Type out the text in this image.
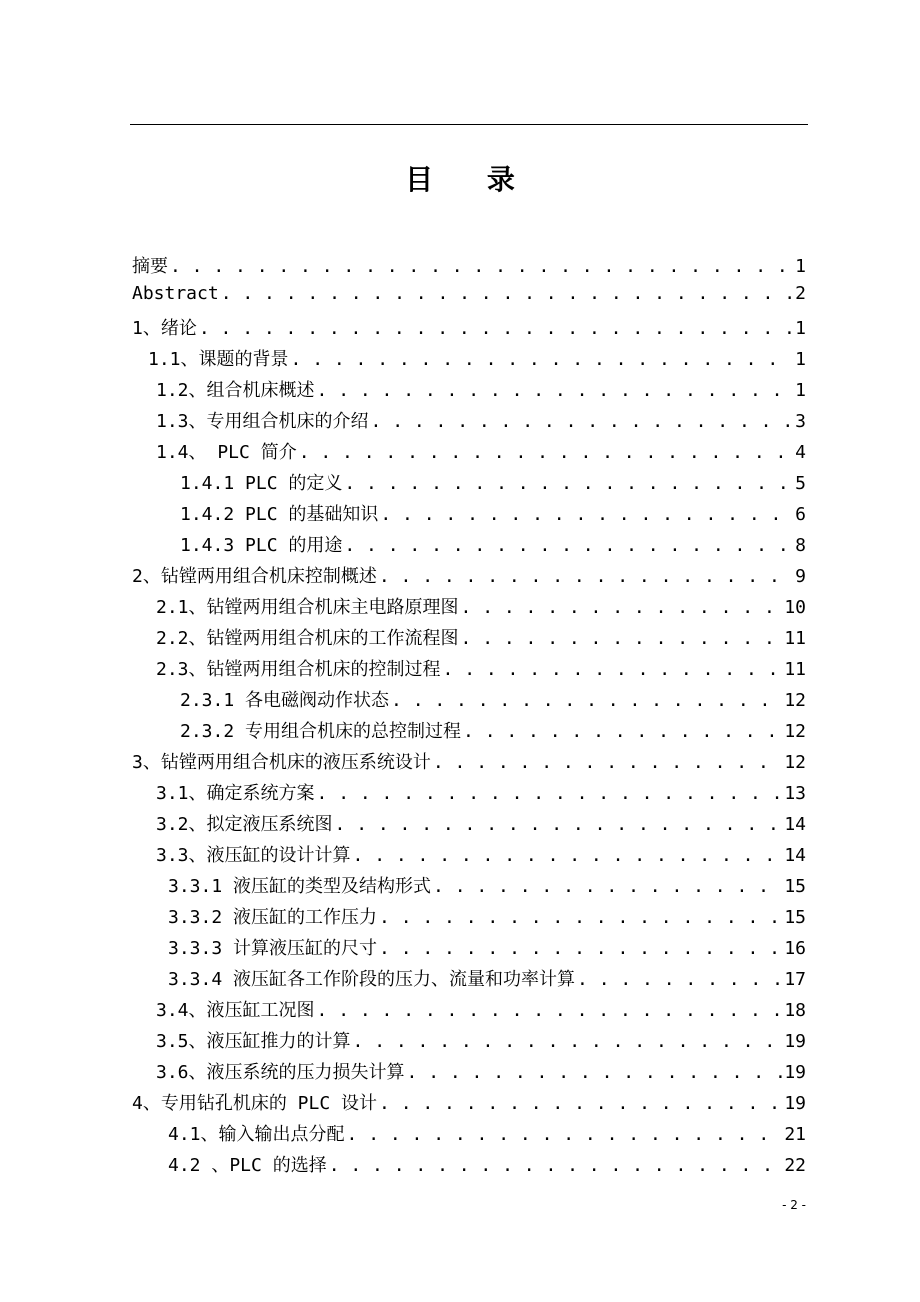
目 录
摘要 . . .	1
Abstract . . .	2
1、绪论 . . .	1
1.1、课题的背景 . . .	1
1.2、组合机床概述 . . .	1
1.3、专用组合机床的介绍 . . .	3
1.4、 PLC 简介 . . .	4
1.4.1 PLC 的定义 . . .	5
1.4.2 PLC 的基础知识 . . .	6
1.4.3 PLC 的用途 . . .	8
2、钻镗两用组合机床控制概述 . . .	9
2.1、钻镗两用组合机床主电路原理图 . . .	10
2.2、钻镗两用组合机床的工作流程图 . . .	11
2.3、钻镗两用组合机床的控制过程 . . .	11
2.3.1 各电磁阀动作状态 . . .	12
2.3.2 专用组合机床的总控制过程 . . .	12
3、钻镗两用组合机床的液压系统设计 . . .	12
3.1、确定系统方案 . . .	13
3.2、拟定液压系统图 . . .	14
3.3、液压缸的设计计算 . . .	14
3.3.1 液压缸的类型及结构形式 . . .	15
3.3.2 液压缸的工作压力 . . .	15
3.3.3 计算液压缸的尺寸 . . .	16
3.3.4 液压缸各工作阶段的压力、流量和功率计算 . . .	17
3.4、液压缸工况图 . . .	18
3.5、液压缸推力的计算 . . .	19
3.6、液压系统的压力损失计算 . . .	19
4、专用钻孔机床的 PLC 设计 . . .	19
4.1、输入输出点分配 . . .	21
4.2 、PLC 的选择 . . .	22
- 2 -
